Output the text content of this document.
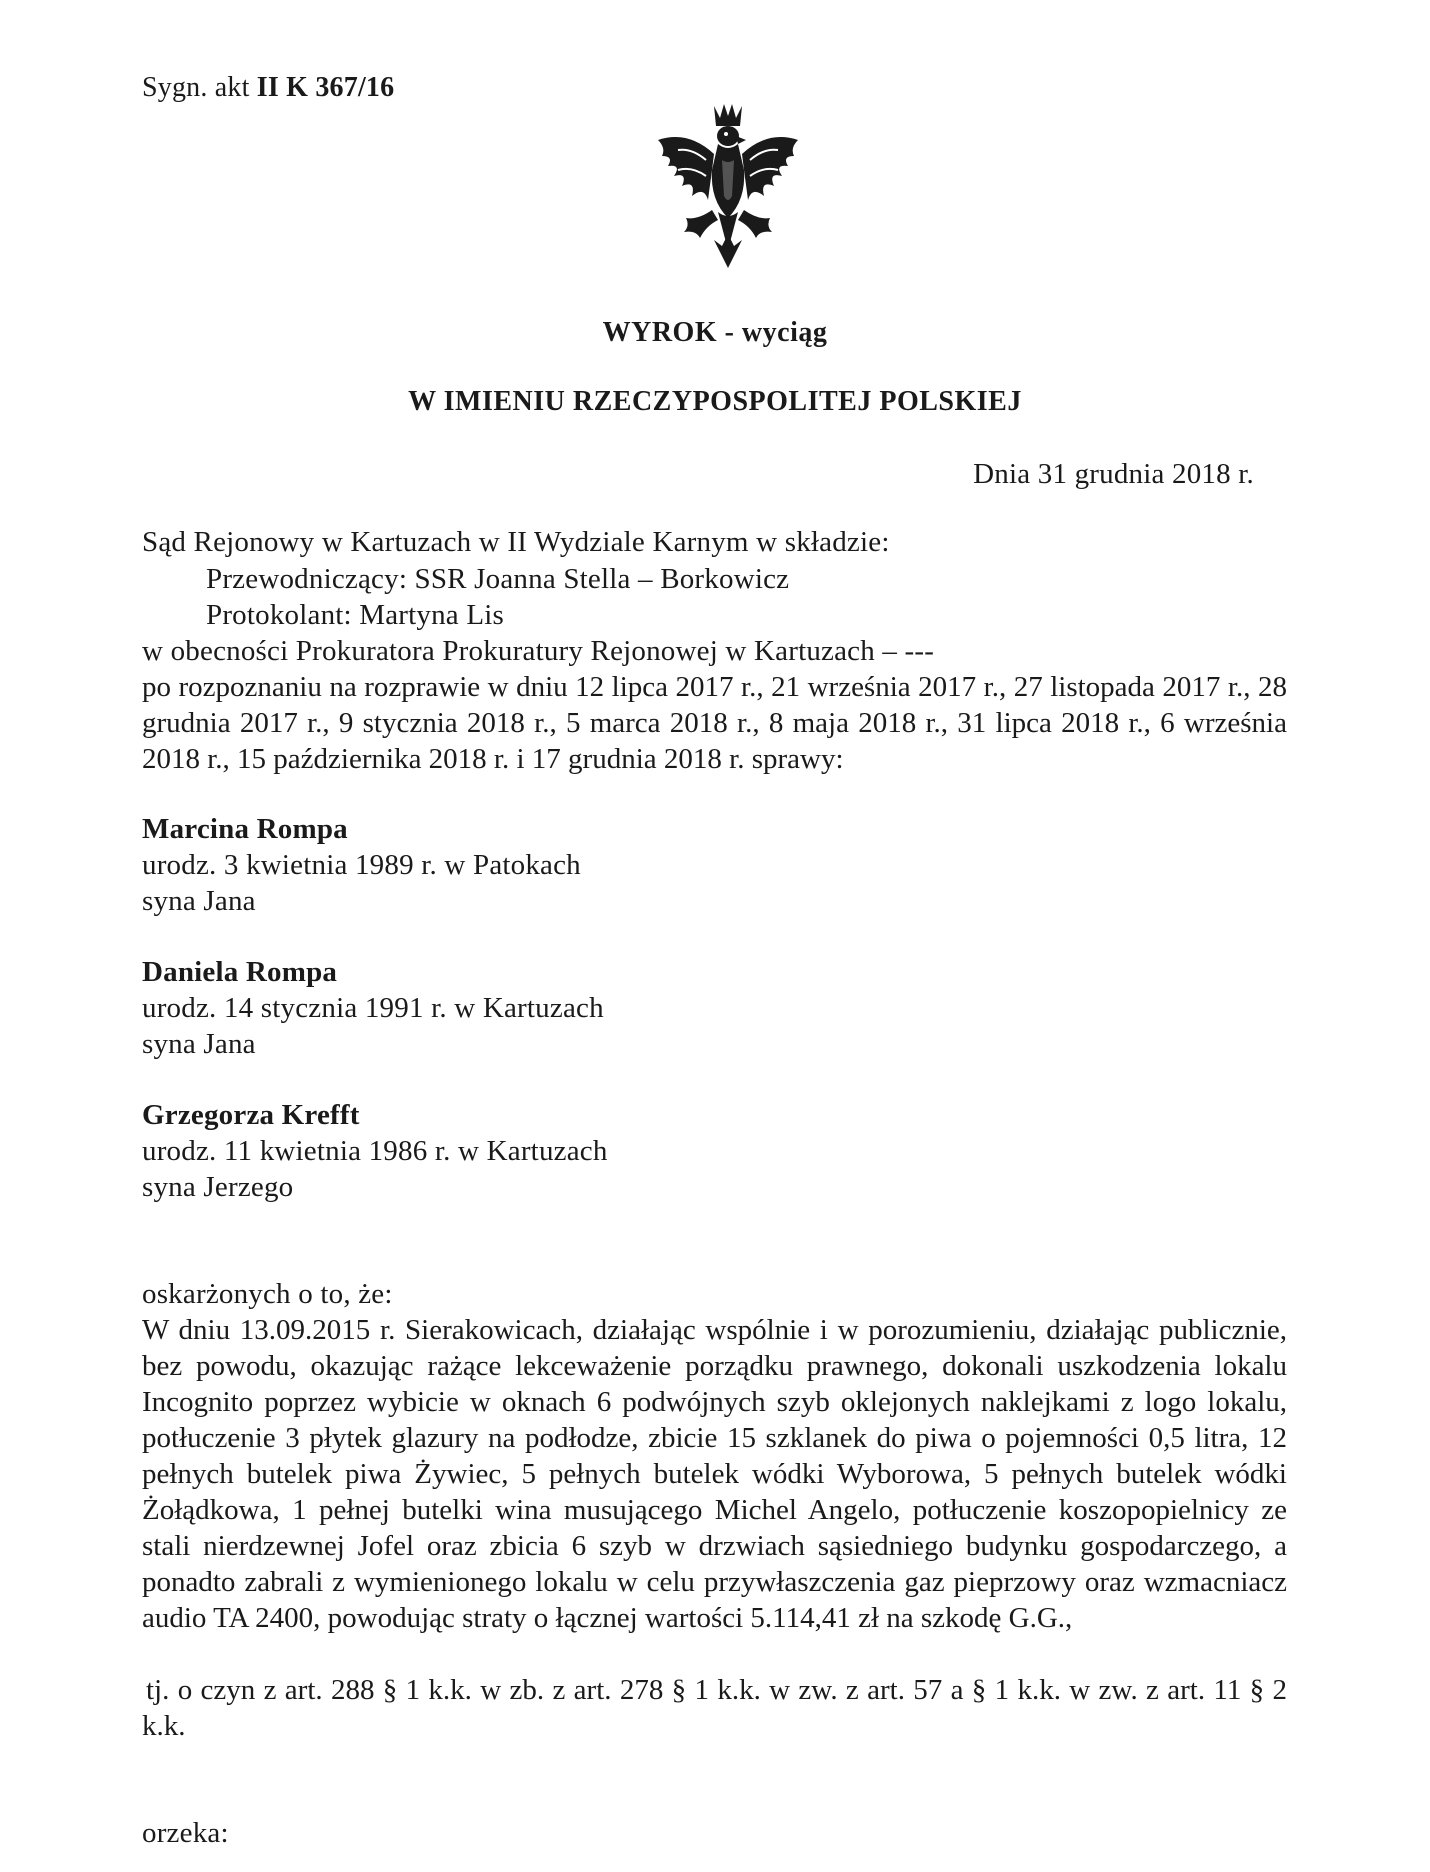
Sygn. akt II K 367/16
WYROK - wyciąg
W IMIENIU RZECZYPOSPOLITEJ POLSKIEJ
Dnia 31 grudnia 2018 r.
Sąd Rejonowy w Kartuzach w II Wydziale Karnym w składzie:
Przewodniczący: SSR Joanna Stella – Borkowicz
Protokolant: Martyna Lis
w obecności Prokuratora Prokuratury Rejonowej w Kartuzach – ---
po rozpoznaniu na rozprawie w dniu 12 lipca 2017 r., 21 września 2017 r., 27 listopada 2017 r., 28 grudnia 2017 r., 9 stycznia 2018 r., 5 marca 2018 r., 8 maja 2018 r., 31 lipca 2018 r., 6 września 2018 r., 15 października 2018 r. i 17 grudnia 2018 r. sprawy:
Marcina Rompa
urodz. 3 kwietnia 1989 r. w Patokach
syna Jana
Daniela Rompa
urodz. 14 stycznia 1991 r. w Kartuzach
syna Jana
Grzegorza Krefft
urodz. 11 kwietnia 1986 r. w Kartuzach
syna Jerzego
oskarżonych o to, że:
W dniu 13.09.2015 r. Sierakowicach, działając wspólnie i w porozumieniu, działając publicznie, bez powodu, okazując rażące lekceważenie porządku prawnego, dokonali uszkodzenia lokalu Incognito poprzez wybicie w oknach 6 podwójnych szyb oklejonych naklejkami z logo lokalu, potłuczenie 3 płytek glazury na podłodze, zbicie 15 szklanek do piwa o pojemności 0,5 litra, 12 pełnych butelek piwa Żywiec, 5 pełnych butelek wódki Wyborowa, 5 pełnych butelek wódki Żołądkowa, 1 pełnej butelki wina musującego Michel Angelo, potłuczenie koszopopielnicy ze stali nierdzewnej Jofel oraz zbicia 6 szyb w drzwiach sąsiedniego budynku gospodarczego, a ponadto zabrali z wymienionego lokalu w celu przywłaszczenia gaz pieprzowy oraz wzmacniacz audio TA 2400, powodując straty o łącznej wartości 5.114,41 zł na szkodę G.G.,
tj. o czyn z art. 288 § 1 k.k. w zb. z art. 278 § 1 k.k. w zw. z art. 57 a § 1 k.k. w zw. z art. 11 § 2 k.k.
orzeka:
